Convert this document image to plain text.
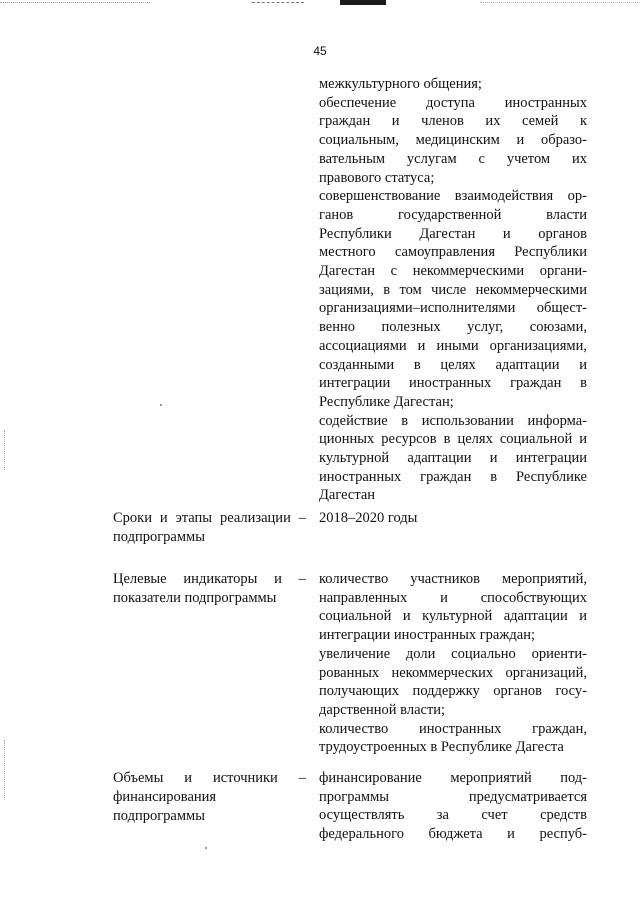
45
межкультурного общения;
обеспечение доступа иностранных
граждан и членов их семей к
социальным, медицинским и образо-
вательным услугам с учетом их
правового статуса;
совершенствование взаимодействия ор-
ганов государственной власти
Республики Дагестан и органов
местного самоуправления Республики
Дагестан с некоммерческими органи-
зациями, в том числе некоммерческими
организациями–исполнителями общест-
венно полезных услуг, союзами,
ассоциациями и иными организациями,
созданными в целях адаптации и
интеграции иностранных граждан в
Республике Дагестан;
содействие в использовании информа-
ционных ресурсов в целях социальной и
культурной адаптации и интеграции
иностранных граждан в Республике
Дагестан
Сроки и этапы реализации –
подпрограммы
2018–2020 годы
Целевые индикаторы и –
показатели подпрограммы
количество участников мероприятий,
направленных и способствующих
социальной и культурной адаптации и
интеграции иностранных граждан;
увеличение доли социально ориенти-
рованных некоммерческих организаций,
получающих поддержку органов госу-
дарственной власти;
количество иностранных граждан,
трудоустроенных в Республике Дагеста
Объемы и источники –
финансирования
подпрограммы
финансирование мероприятий под-
программы предусматривается
осуществлять за счет средств
федерального бюджета и респуб-
